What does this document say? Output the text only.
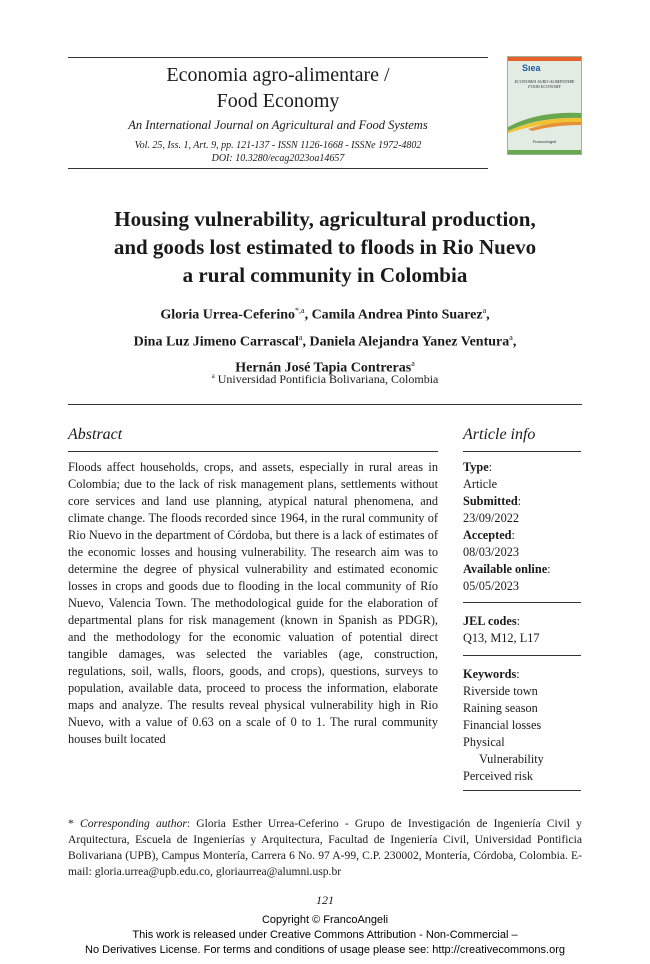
Economia agro-alimentare /
Food Economy
An International Journal on Agricultural and Food Systems
Vol. 25, Iss. 1, Art. 9, pp. 121-137 - ISSN 1126-1668 - ISSNe 1972-4802
DOI: 10.3280/ecag2023oa14657
Sıea
ECONOMIA AGRO-ALIMENTARE FOOD ECONOMY
FrancoAngeli
Housing vulnerability, agricultural production,
and goods lost estimated to floods in Rio Nuevo
a rural community in Colombia
Gloria Urrea-Ceferino$^{*,a}$, Camila Andrea Pinto Suarez$^a$,
Dina Luz Jimeno Carrascal$^a$, Daniela Alejandra Yanez Ventura$^a$,
Hernán José Tapia Contreras$^a$
$^a$ Universidad Pontificia Bolivariana, Colombia
Abstract
Floods affect households, crops, and assets, especially in rural areas in Colombia; due to the lack of risk management plans, settlements without core services and land use planning, atypical natural phenomena, and climate change. The floods recorded since 1964, in the rural community of Rio Nuevo in the department of Córdoba, but there is a lack of estimates of the economic losses and housing vulnerability. The research aim was to determine the degree of physical vulnerability and estimated economic losses in crops and goods due to flooding in the local community of Río Nuevo, Valencia Town. The methodological guide for the elaboration of departmental plans for risk management (known in Spanish as PDGR), and the methodology for the economic valuation of potential direct tangible damages, was selected the variables (age, construction, regulations, soil, walls, floors, goods, and crops), questions, surveys to population, available data, proceed to process the information, elaborate maps and analyze. The results reveal physical vulnerability high in Rio Nuevo, with a value of 0.63 on a scale of 0 to 1. The rural community houses built located
Article info
Type:
Article
Submitted:
23/09/2022
Accepted:
08/03/2023
Available online:
05/05/2023
JEL codes:
Q13, M12, L17
Keywords:
Riverside town
Raining season
Financial losses
Physical
Vulnerability
Perceived risk
* Corresponding author: Gloria Esther Urrea-Ceferino - Grupo de Investigación de Ingeniería Civil y Arquitectura, Escuela de Ingenierías y Arquitectura, Facultad de Ingeniería Civil, Universidad Pontificia Bolivariana (UPB), Campus Montería, Carrera 6 No. 97 A-99, C.P. 230002, Montería, Córdoba, Colombia. E-mail: gloria.urrea@upb.edu.co, gloriaurrea@alumni.usp.br
121
Copyright © FrancoAngeli
This work is released under Creative Commons Attribution - Non-Commercial –
No Derivatives License. For terms and conditions of usage please see: http://creativecommons.org
